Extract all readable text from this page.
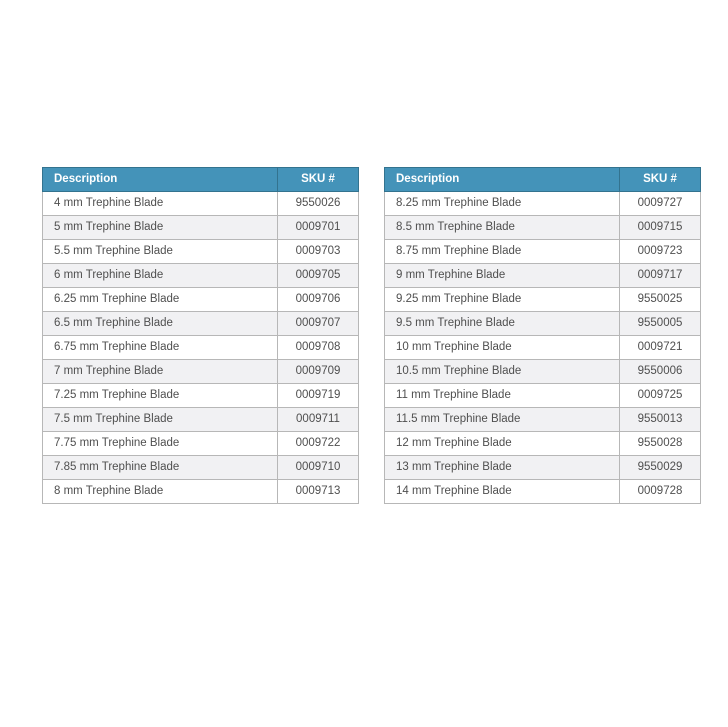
Description	SKU #
4 mm Trephine Blade	9550026
5 mm Trephine Blade	0009701
5.5 mm Trephine Blade	0009703
6 mm Trephine Blade	0009705
6.25 mm Trephine Blade	0009706
6.5 mm Trephine Blade	0009707
6.75 mm Trephine Blade	0009708
7 mm Trephine Blade	0009709
7.25 mm Trephine Blade	0009719
7.5 mm Trephine Blade	0009711
7.75 mm Trephine Blade	0009722
7.85 mm Trephine Blade	0009710
8 mm Trephine Blade	0009713
Description	SKU #
8.25 mm Trephine Blade	0009727
8.5 mm Trephine Blade	0009715
8.75 mm Trephine Blade	0009723
9 mm Trephine Blade	0009717
9.25 mm Trephine Blade	9550025
9.5 mm Trephine Blade	9550005
10 mm Trephine Blade	0009721
10.5 mm Trephine Blade	9550006
11 mm Trephine Blade	0009725
11.5 mm Trephine Blade	9550013
12 mm Trephine Blade	9550028
13 mm Trephine Blade	9550029
14 mm Trephine Blade	0009728
